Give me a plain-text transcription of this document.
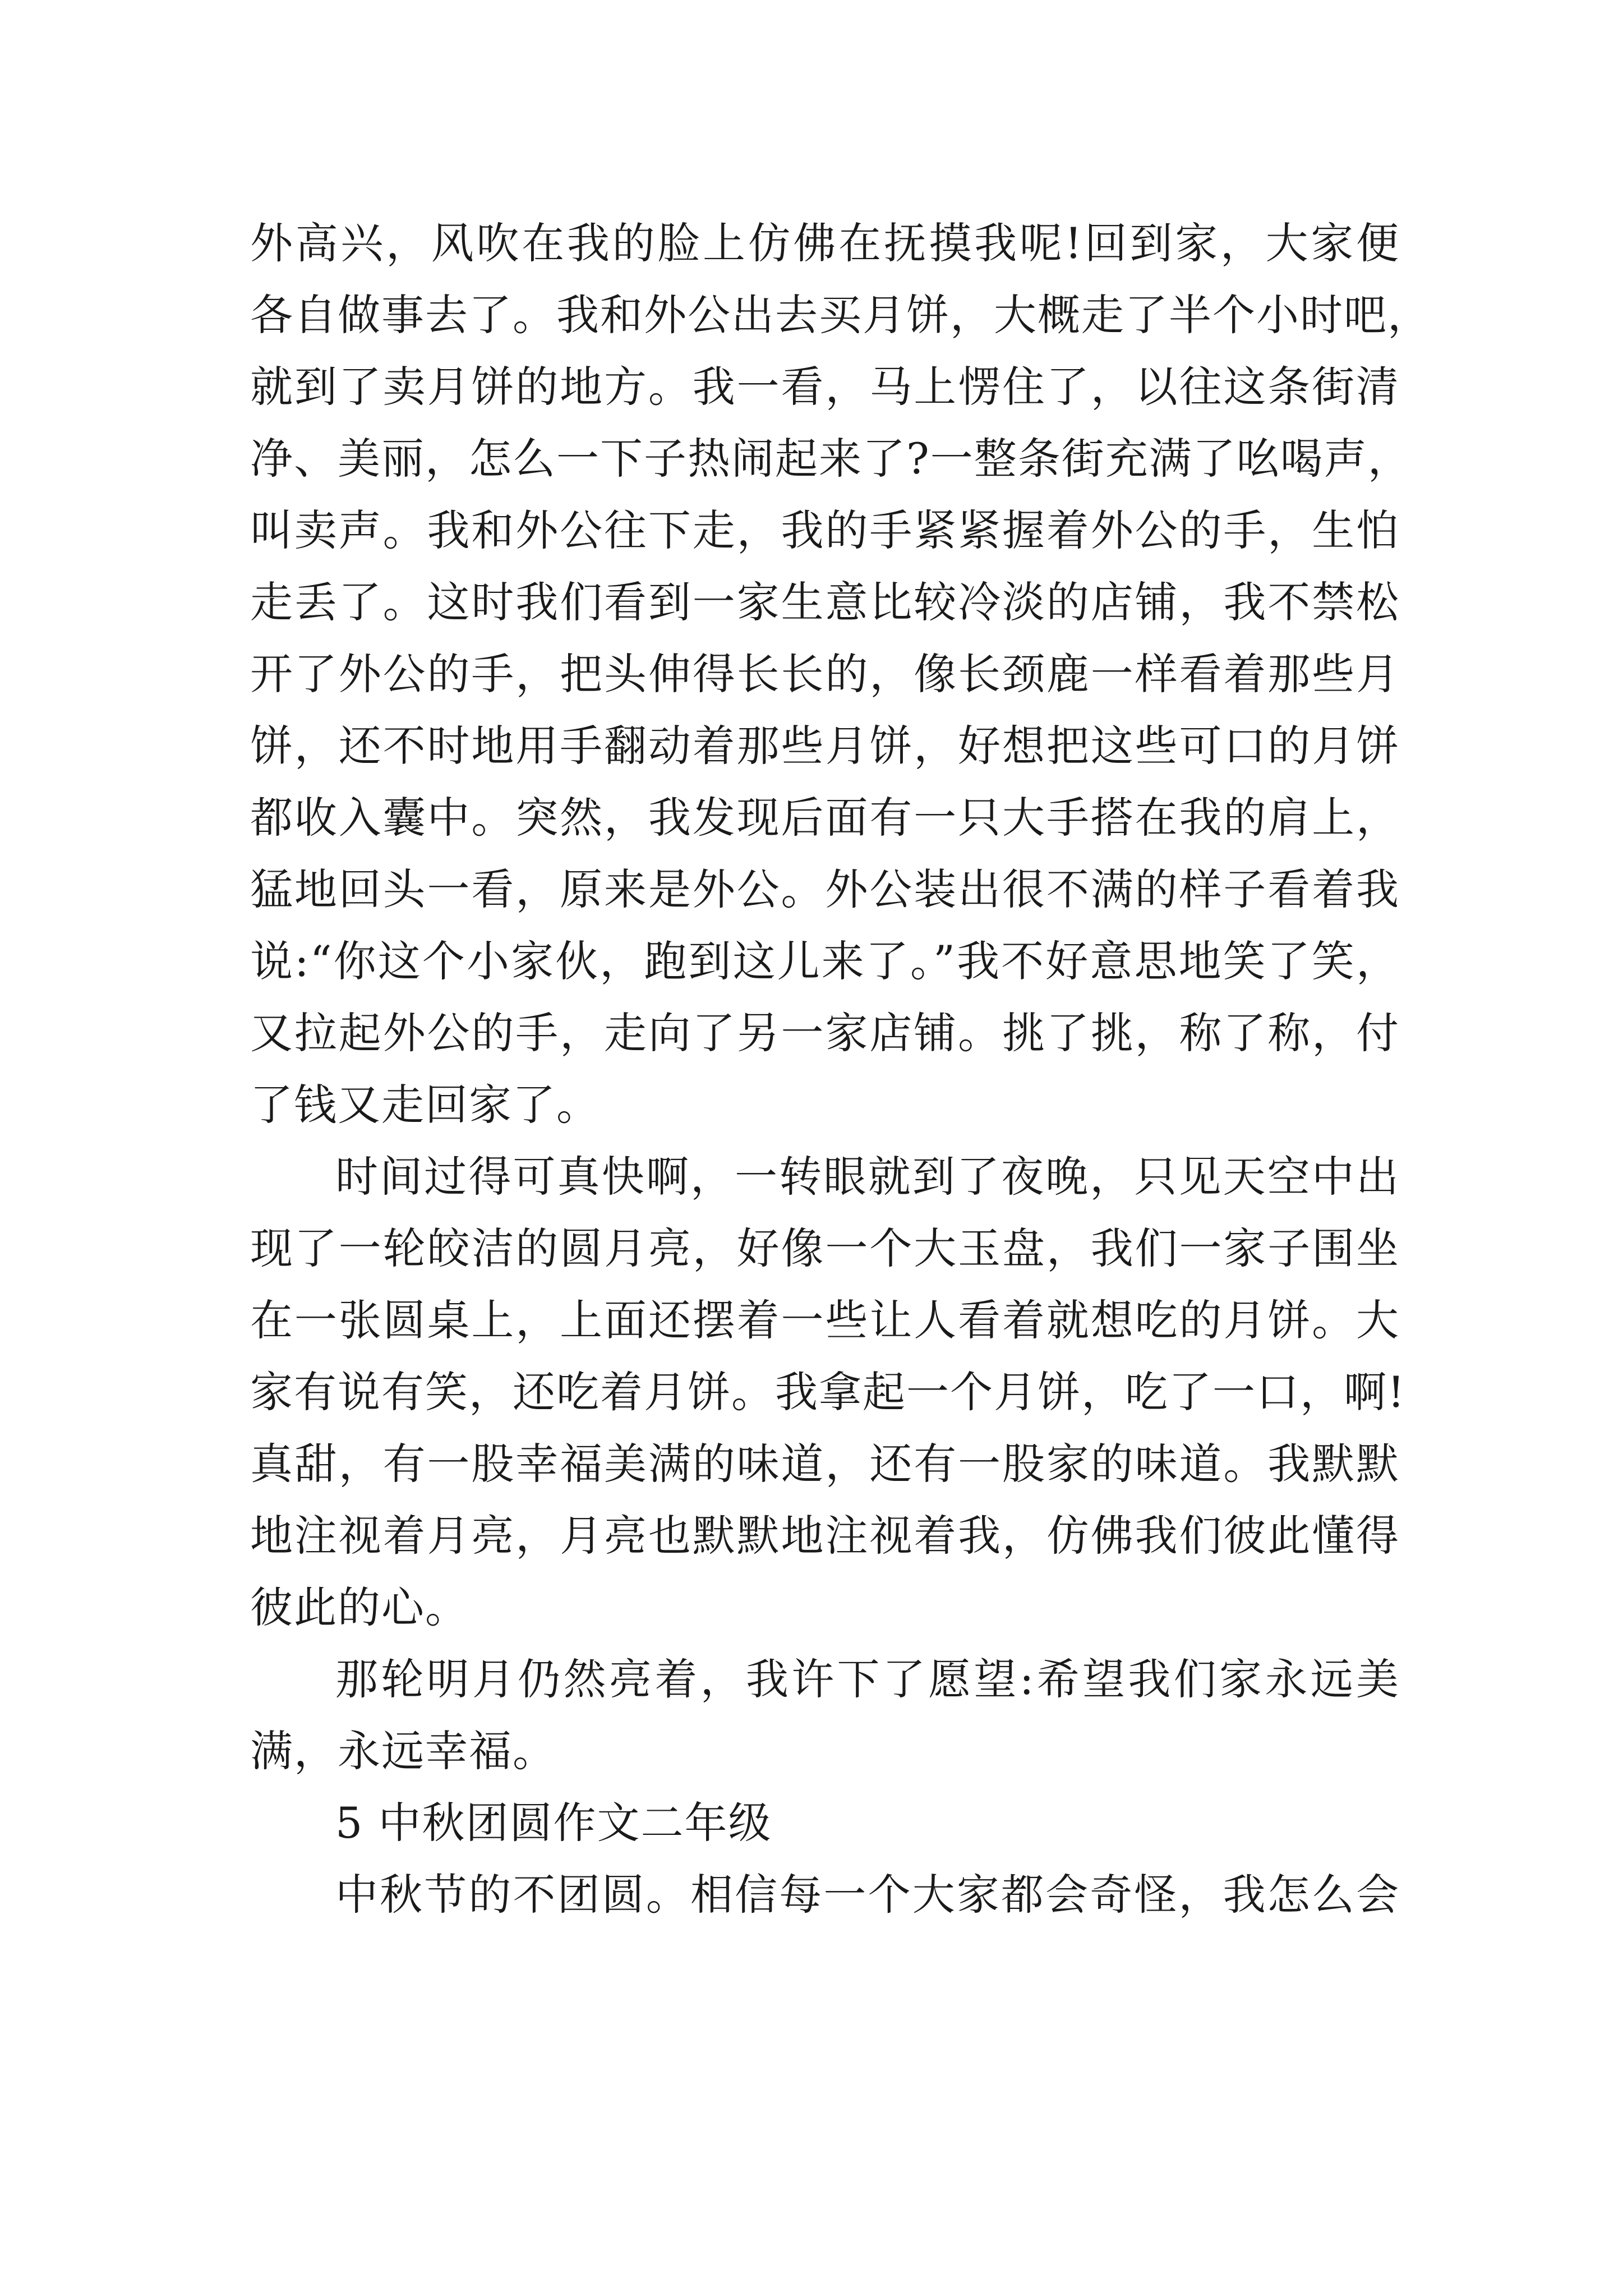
外高兴，风吹在我的脸上仿佛在抚摸我呢!回到家，大家便
各自做事去了。我和外公出去买月饼，大概走了半个小时吧，
就到了卖月饼的地方。我一看，马上愣住了，以往这条街清
净、美丽，怎么一下子热闹起来了?一整条街充满了吆喝声，
叫卖声。我和外公往下走，我的手紧紧握着外公的手，生怕
走丢了。这时我们看到一家生意比较冷淡的店铺，我不禁松
开了外公的手，把头伸得长长的，像长颈鹿一样看着那些月
饼，还不时地用手翻动着那些月饼，好想把这些可口的月饼
都收入囊中。突然，我发现后面有一只大手搭在我的肩上，
猛地回头一看，原来是外公。外公装出很不满的样子看着我
说:“你这个小家伙，跑到这儿来了。”我不好意思地笑了笑，
又拉起外公的手，走向了另一家店铺。挑了挑，称了称，付
了钱又走回家了。
时间过得可真快啊，一转眼就到了夜晚，只见天空中出
现了一轮皎洁的圆月亮，好像一个大玉盘，我们一家子围坐
在一张圆桌上，上面还摆着一些让人看着就想吃的月饼。大
家有说有笑，还吃着月饼。我拿起一个月饼，吃了一口，啊!
真甜，有一股幸福美满的味道，还有一股家的味道。我默默
地注视着月亮，月亮也默默地注视着我，仿佛我们彼此懂得
彼此的心。
那轮明月仍然亮着，我许下了愿望:希望我们家永远美
满，永远幸福。
5 中秋团圆作文二年级
中秋节的不团圆。相信每一个大家都会奇怪，我怎么会
